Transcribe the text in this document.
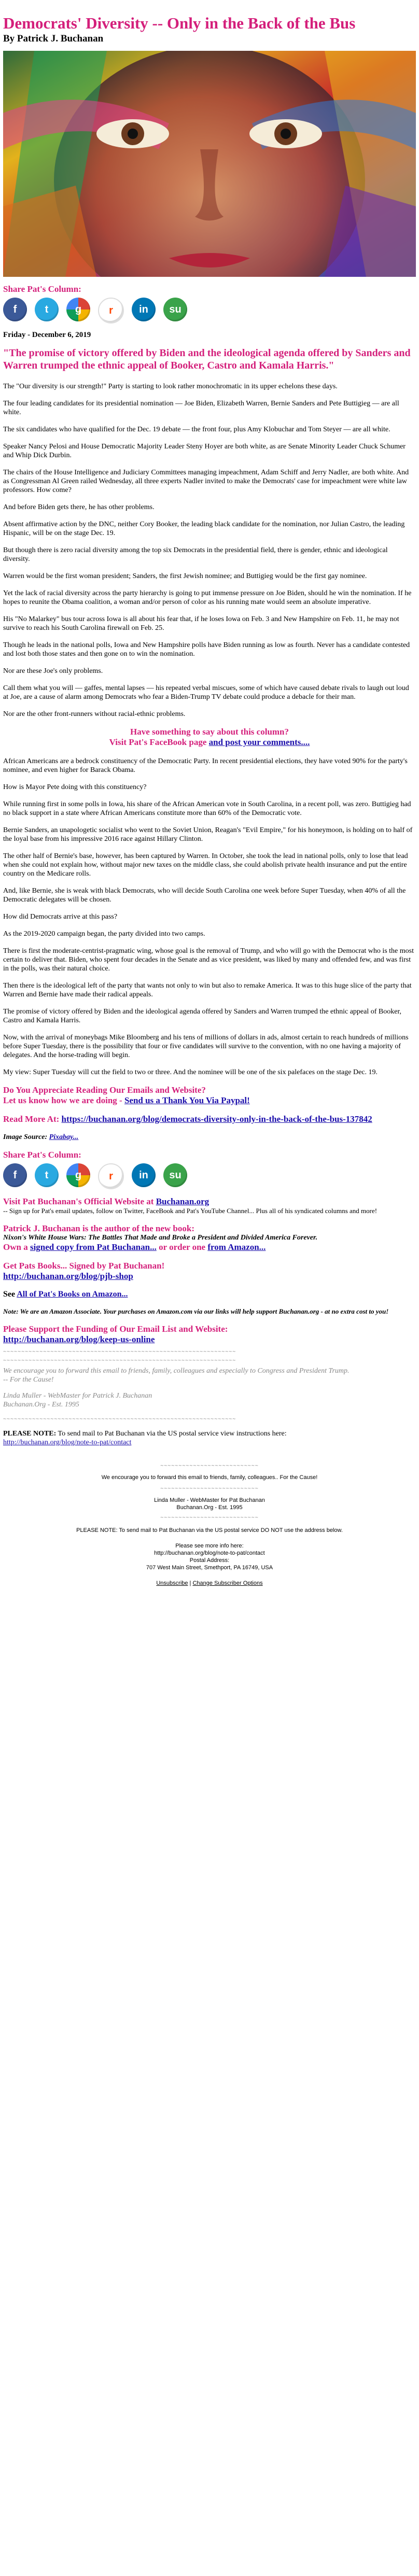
Democrats' Diversity -- Only in the Back of the Bus
By Patrick J. Buchanan
Share Pat's Column:
f	t	g	r	in	su
Friday - December 6, 2019
"The promise of victory offered by Biden and the ideological agenda offered by Sanders and Warren trumped the ethnic appeal of Booker, Castro and Kamala Harris."

The "Our diversity is our strength!" Party is starting to look rather monochromatic in its upper echelons these days.

The four leading candidates for its presidential nomination — Joe Biden, Elizabeth Warren, Bernie Sanders and Pete Buttigieg — are all white.

The six candidates who have qualified for the Dec. 19 debate — the front four, plus Amy Klobuchar and Tom Steyer — are all white.

Speaker Nancy Pelosi and House Democratic Majority Leader Steny Hoyer are both white, as are Senate Minority Leader Chuck Schumer and Whip Dick Durbin.

The chairs of the House Intelligence and Judiciary Committees managing impeachment, Adam Schiff and Jerry Nadler, are both white. And as Congressman Al Green railed Wednesday, all three experts Nadler invited to make the Democrats' case for impeachment were white law professors. How come?

And before Biden gets there, he has other problems.

Absent affirmative action by the DNC, neither Cory Booker, the leading black candidate for the nomination, nor Julian Castro, the leading Hispanic, will be on the stage Dec. 19.

But though there is zero racial diversity among the top six Democrats in the presidential field, there is gender, ethnic and ideological diversity.

Warren would be the first woman president; Sanders, the first Jewish nominee; and Buttigieg would be the first gay nominee.

Yet the lack of racial diversity across the party hierarchy is going to put immense pressure on Joe Biden, should he win the nomination. If he hopes to reunite the Obama coalition, a woman and/or person of color as his running mate would seem an absolute imperative.

His "No Malarkey" bus tour across Iowa is all about his fear that, if he loses Iowa on Feb. 3 and New Hampshire on Feb. 11, he may not survive to reach his South Carolina firewall on Feb. 25.

Though he leads in the national polls, Iowa and New Hampshire polls have Biden running as low as fourth. Never has a candidate contested and lost both those states and then gone on to win the nomination.

Nor are these Joe's only problems.

Call them what you will — gaffes, mental lapses — his repeated verbal miscues, some of which have caused debate rivals to laugh out loud at Joe, are a cause of alarm among Democrats who fear a Biden-Trump TV debate could produce a debacle for their man.

Nor are the other front-runners without racial-ethnic problems.

Have something to say about this column?
Visit Pat's FaceBook page and post your comments....

African Americans are a bedrock constituency of the Democratic Party. In recent presidential elections, they have voted 90% for the party's nominee, and even higher for Barack Obama.

How is Mayor Pete doing with this constituency?

While running first in some polls in Iowa, his share of the African American vote in South Carolina, in a recent poll, was zero. Buttigieg had no black support in a state where African Americans constitute more than 60% of the Democratic vote.

Bernie Sanders, an unapologetic socialist who went to the Soviet Union, Reagan's "Evil Empire," for his honeymoon, is holding on to half of the loyal base from his impressive 2016 race against Hillary Clinton.

The other half of Bernie's base, however, has been captured by Warren. In October, she took the lead in national polls, only to lose that lead when she could not explain how, without major new taxes on the middle class, she could abolish private health insurance and put the entire country on the Medicare rolls.

And, like Bernie, she is weak with black Democrats, who will decide South Carolina one week before Super Tuesday, when 40% of all the Democratic delegates will be chosen.

How did Democrats arrive at this pass?

As the 2019-2020 campaign began, the party divided into two camps.

There is first the moderate-centrist-pragmatic wing, whose goal is the removal of Trump, and who will go with the Democrat who is the most certain to deliver that. Biden, who spent four decades in the Senate and as vice president, was liked by many and offended few, and was first in the polls, was their natural choice.

Then there is the ideological left of the party that wants not only to win but also to remake America. It was to this huge slice of the party that Warren and Bernie have made their radical appeals.

The promise of victory offered by Biden and the ideological agenda offered by Sanders and Warren trumped the ethnic appeal of Booker, Castro and Kamala Harris.

Now, with the arrival of moneybags Mike Bloomberg and his tens of millions of dollars in ads, almost certain to reach hundreds of millions before Super Tuesday, there is the possibility that four or five candidates will survive to the convention, with no one having a majority of delegates. And the horse-trading will begin.

My view: Super Tuesday will cut the field to two or three. And the nominee will be one of the six palefaces on the stage Dec. 19.

Do You Appreciate Reading Our Emails and Website?
Let us know how we are doing - Send us a Thank You Via Paypal!
Read More At: https://buchanan.org/blog/democrats-diversity-only-in-the-back-of-the-bus-137842

Image Source: Pixabay...

Share Pat's Column:
f	t	g	r	in	su
Visit Pat Buchanan's Official Website at Buchanan.org
-- Sign up for Pat's email updates, follow on Twitter, FaceBook and Pat's YouTube Channel... Plus all of his syndicated columns and more!
Patrick J. Buchanan is the author of the new book:
Nixon's White House Wars: The Battles That Made and Broke a President and Divided America Forever.
Own a signed copy from Pat Buchanan... or order one from Amazon...
Get Pats Books... Signed by Pat Buchanan!
http://buchanan.org/blog/pjb-shop

See All of Pat's Books on Amazon...

Note: We are an Amazon Associate. Your purchases on Amazon.com via our links will help support Buchanan.org - at no extra cost to you!

Please Support the Funding of Our Email List and Website:
http://buchanan.org/blog/keep-us-online
~~~~~~~~~~~~~~~~~~~~~~~~~~~~~~~~~~~~~~~~~~~~~~~~~~~~~~~~~~~~~~~~
~~~~~~~~~~~~~~~~~~~~~~~~~~~~~~~~~~~~~~~~~~~~~~~~~~~~~~~~~~~~~~~~
We encourage you to forward this email to friends, family, colleagues and especially to Congress and President Trump.
-- For the Cause!
Linda Muller - WebMaster for Patrick J. Buchanan
Buchanan.Org - Est. 1995
~~~~~~~~~~~~~~~~~~~~~~~~~~~~~~~~~~~~~~~~~~~~~~~~~~~~~~~~~~~~~~~~

PLEASE NOTE: To send mail to Pat Buchanan via the US postal service view instructions here:
http://buchanan.org/blog/note-to-pat/contact

~~~~~~~~~~~~~~~~~~~~~~~~~~~
We encourage you to forward this email to friends, family, colleagues.. For the Cause!
~~~~~~~~~~~~~~~~~~~~~~~~~~~
Linda Muller - WebMaster for Pat Buchanan
Buchanan.Org - Est. 1995
~~~~~~~~~~~~~~~~~~~~~~~~~~~
PLEASE NOTE: To send mail to Pat Buchanan via the US postal service DO NOT use the address below.
Please see more info here:
http://buchanan.org/blog/note-to-pat/contact
Postal Address:
707 West Main Street, Smethport, PA 16749, USA
Unsubscribe | Change Subscriber Options
